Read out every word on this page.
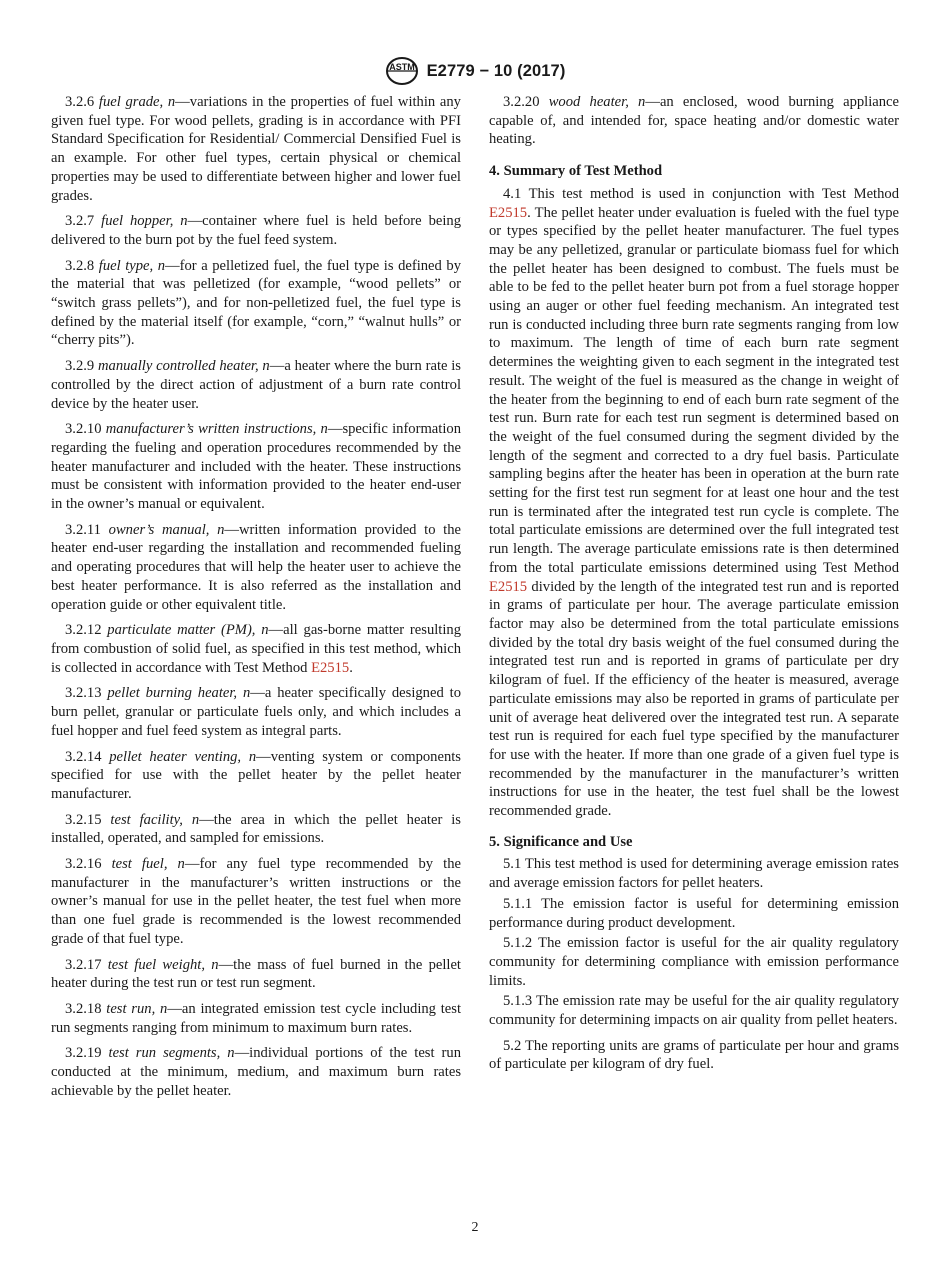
ASTM E2779 − 10 (2017)

3.2.6 fuel grade, n—variations in the properties of fuel within any given fuel type. For wood pellets, grading is in accordance with PFI Standard Specification for Residential/ Commercial Densified Fuel is an example. For other fuel types, certain physical or chemical properties may be used to differentiate between higher and lower fuel grades.

3.2.7 fuel hopper, n—container where fuel is held before being delivered to the burn pot by the fuel feed system.

3.2.8 fuel type, n—for a pelletized fuel, the fuel type is defined by the material that was pelletized (for example, “wood pellets” or “switch grass pellets”), and for non-pelletized fuel, the fuel type is defined by the material itself (for example, “corn,” “walnut hulls” or “cherry pits”).

3.2.9 manually controlled heater, n—a heater where the burn rate is controlled by the direct action of adjustment of a burn rate control device by the heater user.

3.2.10 manufacturer’s written instructions, n—specific information regarding the fueling and operation procedures recommended by the heater manufacturer and included with the heater. These instructions must be consistent with information provided to the heater end-user in the owner’s manual or equivalent.

3.2.11 owner’s manual, n—written information provided to the heater end-user regarding the installation and recommended fueling and operating procedures that will help the heater user to achieve the best heater performance. It is also referred as the installation and operation guide or other equivalent title.

3.2.12 particulate matter (PM), n—all gas-borne matter resulting from combustion of solid fuel, as specified in this test method, which is collected in accordance with Test Method E2515.

3.2.13 pellet burning heater, n—a heater specifically designed to burn pellet, granular or particulate fuels only, and which includes a fuel hopper and fuel feed system as integral parts.

3.2.14 pellet heater venting, n—venting system or components specified for use with the pellet heater by the pellet heater manufacturer.

3.2.15 test facility, n—the area in which the pellet heater is installed, operated, and sampled for emissions.

3.2.16 test fuel, n—for any fuel type recommended by the manufacturer in the manufacturer’s written instructions or the owner’s manual for use in the pellet heater, the test fuel when more than one fuel grade is recommended is the lowest recommended grade of that fuel type.

3.2.17 test fuel weight, n—the mass of fuel burned in the pellet heater during the test run or test run segment.

3.2.18 test run, n—an integrated emission test cycle including test run segments ranging from minimum to maximum burn rates.

3.2.19 test run segments, n—individual portions of the test run conducted at the minimum, medium, and maximum burn rates achievable by the pellet heater.

3.2.20 wood heater, n—an enclosed, wood burning appliance capable of, and intended for, space heating and/or domestic water heating.

4. Summary of Test Method

4.1 This test method is used in conjunction with Test Method E2515. The pellet heater under evaluation is fueled with the fuel type or types specified by the pellet heater manufacturer. The fuel types may be any pelletized, granular or particulate biomass fuel for which the pellet heater has been designed to combust. The fuels must be able to be fed to the pellet heater burn pot from a fuel storage hopper using an auger or other fuel feeding mechanism. An integrated test run is conducted including three burn rate segments ranging from low to maximum. The length of time of each burn rate segment determines the weighting given to each segment in the integrated test result. The weight of the fuel is measured as the change in weight of the heater from the beginning to end of each burn rate segment of the test run. Burn rate for each test run segment is determined based on the weight of the fuel consumed during the segment divided by the length of the segment and corrected to a dry fuel basis. Particulate sampling begins after the heater has been in operation at the burn rate setting for the first test run segment for at least one hour and the test run is terminated after the integrated test run cycle is complete. The total particulate emissions are determined over the full integrated test run length. The average particulate emissions rate is then determined from the total particulate emissions determined using Test Method E2515 divided by the length of the integrated test run and is reported in grams of particulate per hour. The average particulate emission factor may also be determined from the total particulate emissions divided by the total dry basis weight of the fuel consumed during the integrated test run and is reported in grams of particulate per dry kilogram of fuel. If the efficiency of the heater is measured, average particulate emissions may also be reported in grams of particulate per unit of average heat delivered over the integrated test run. A separate test run is required for each fuel type specified by the manufacturer for use with the heater. If more than one grade of a given fuel type is recommended by the manufacturer in the manufacturer’s written instructions for use in the heater, the test fuel shall be the lowest recommended grade.

5. Significance and Use

5.1 This test method is used for determining average emission rates and average emission factors for pellet heaters.

5.1.1 The emission factor is useful for determining emission performance during product development.

5.1.2 The emission factor is useful for the air quality regulatory community for determining compliance with emission performance limits.

5.1.3 The emission rate may be useful for the air quality regulatory community for determining impacts on air quality from pellet heaters.

5.2 The reporting units are grams of particulate per hour and grams of particulate per kilogram of dry fuel.

2
